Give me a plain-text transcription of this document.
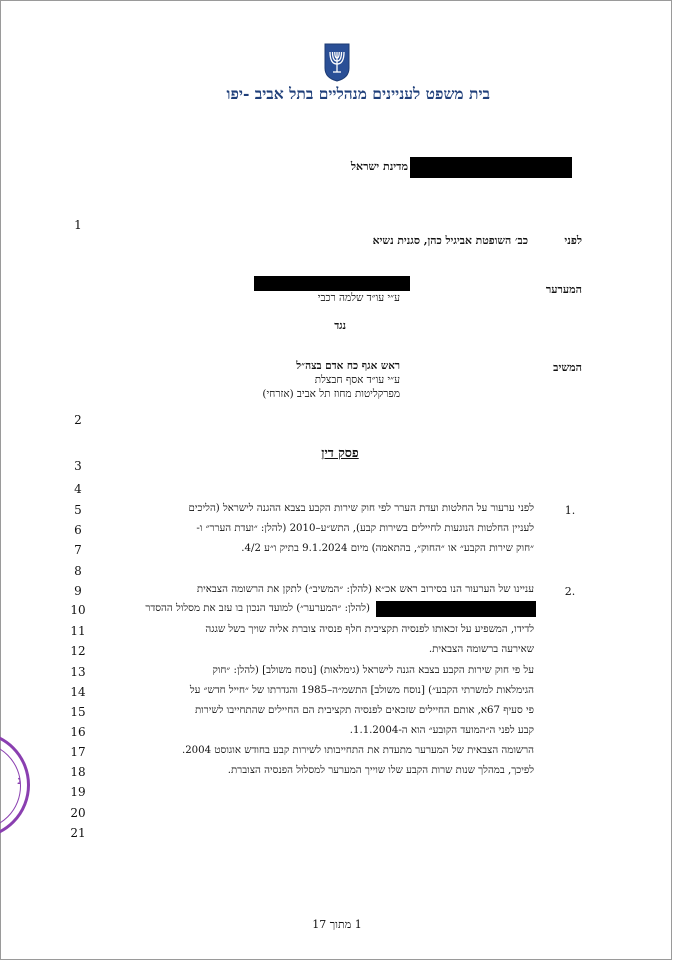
בית משפט לעניינים מנהליים בתל אביב -יפו
מדינת ישראל
1
2
3
4
5
6
7
8
9
10
11
12
13
14
15
16
17
18
19
20
21
לפני
כב׳ השופטת אביגיל כהן, סגנית נשיא
המערער
ע״י עו״ד שלמה רכבי
נגד
המשיב
ראש אגף כח אדם בצה״ל
ע״י עו״ד אסף חבצלת
מפרקליטות מחוז תל אביב (אזרחי)
פסק דין
1.
לפני ערעור על החלטות ועדת הערר לפי חוק שירות הקבע בצבא ההגנה לישראל (הליכים
לעניין החלטות הנוגעות לחיילים בשירות קבע), התש״ע–2010 (להלן: ״ועדת הערר״ ו-
״חוק שירות הקבע״ או ״החוק״, בהתאמה) מיום 9.1.2024 בתיק ו״ע 4/2.
2.
עניינו של הערעור הנו בסירוב ראש אכ״א (להלן: ״המשיב״) לתקן את הרשומה הצבאית
(להלן: ״המערער״) למועד הנכון בו עזב את מסלול ההסדר
לדידו, המשפיע על זכאותו לפנסיה תקציבית חלף פנסיה צוברת אליה שויך בשל שגגה
שאירעה ברשומה הצבאית.
על פי חוק שירות הקבע בצבא הגנה לישראל (גימלאות) [נוסח משולב] (להלן: ״חוק
הגימלאות למשרתי הקבע״) [נוסח משולב] התשמ״ה–1985 והגדרתו של ״חייל חדש״ על
פי סעיף 67א, אותם החיילים שזכאים לפנסיה תקציבית הם החיילים שהתחייבו לשירות
קבע לפני ה״המועד הקובע״ הוא ה-1.1.2004.
הרשומה הצבאית של המערער מתעדת את התחייבותו לשירות קבע בחודש אוגוסט 2004.
לפיכך, במהלך שנות שרות הקבע שלו שוייך המערער למסלול הפנסיה הצוברת.
1 מתוך 17
נ
